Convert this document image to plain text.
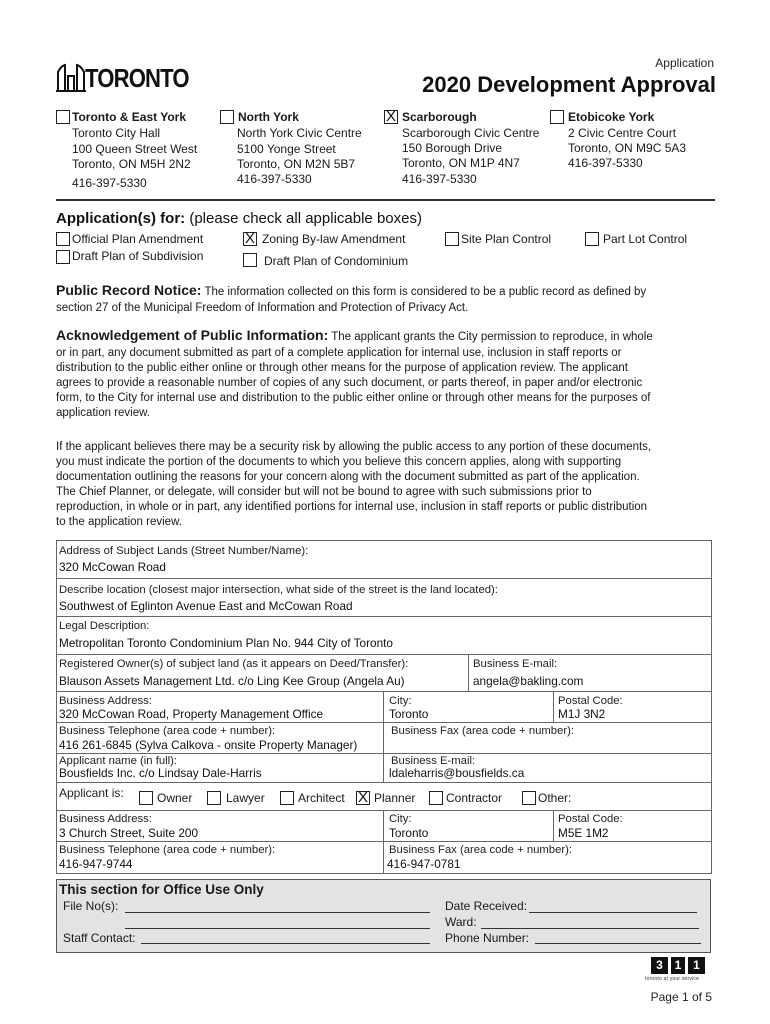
TORONTO	Application
2020 Development Approval
Toronto & East York
Toronto City Hall
100 Queen Street West
Toronto, ON M5H 2N2
416-397-5330
North York
North York Civic Centre
5100 Yonge Street
Toronto, ON M2N 5B7
416-397-5330
X Scarborough
Scarborough Civic Centre
150 Borough Drive
Toronto, ON M1P 4N7
416-397-5330
Etobicoke York
2 Civic Centre Court
Toronto, ON M9C 5A3
416-397-5330
Application(s) for: (please check all applicable boxes)
Official Plan Amendment	X Zoning By-law Amendment	Site Plan Control	Part Lot Control
Draft Plan of Subdivision	Draft Plan of Condominium
Public Record Notice: The information collected on this form is considered to be a public record as defined by
section 27 of the Municipal Freedom of Information and Protection of Privacy Act.
Acknowledgement of Public Information: The applicant grants the City permission to reproduce, in whole
or in part, any document submitted as part of a complete application for internal use, inclusion in staff reports or
distribution to the public either online or through other means for the purpose of application review. The applicant
agrees to provide a reasonable number of copies of any such document, or parts thereof, in paper and/or electronic
form, to the City for internal use and distribution to the public either online or through other means for the purposes of
application review.
If the applicant believes there may be a security risk by allowing the public access to any portion of these documents,
you must indicate the portion of the documents to which you believe this concern applies, along with supporting
documentation outlining the reasons for your concern along with the document submitted as part of the application.
The Chief Planner, or delegate, will consider but will not be bound to agree with such submissions prior to
reproduction, in whole or in part, any identified portions for internal use, inclusion in staff reports or public distribution
to the application review.
Address of Subject Lands (Street Number/Name):
320 McCowan Road
Describe location (closest major intersection, what side of the street is the land located):
Southwest of Eglinton Avenue East and McCowan Road
Legal Description:
Metropolitan Toronto Condominium Plan No. 944 City of Toronto
Registered Owner(s) of subject land (as it appears on Deed/Transfer):
Blauson Assets Management Ltd. c/o Ling Kee Group (Angela Au)
Business E-mail:
angela@bakling.com
Business Address:
320 McCowan Road, Property Management Office
City:
Toronto
Postal Code:
M1J 3N2
Business Telephone (area code + number):
416 261-6845 (Sylva Calkova - onsite Property Manager)
Business Fax (area code + number):
Applicant name (in full):
Bousfields Inc. c/o Lindsay Dale-Harris
Business E-mail:
ldaleharris@bousfields.ca
Applicant is:	Owner	Lawyer	Architect X Planner	Contractor	Other:
Business Address:
3 Church Street, Suite 200
City:
Toronto
Postal Code:
M5E 1M2
Business Telephone (area code + number):
416-947-9744
Business Fax (area code + number):
416-947-0781
This section for Office Use Only
File No(s):
Staff Contact:
Date Received:
Ward:
Phone Number:
3 1 1
toronto at your service
Page 1 of 5
